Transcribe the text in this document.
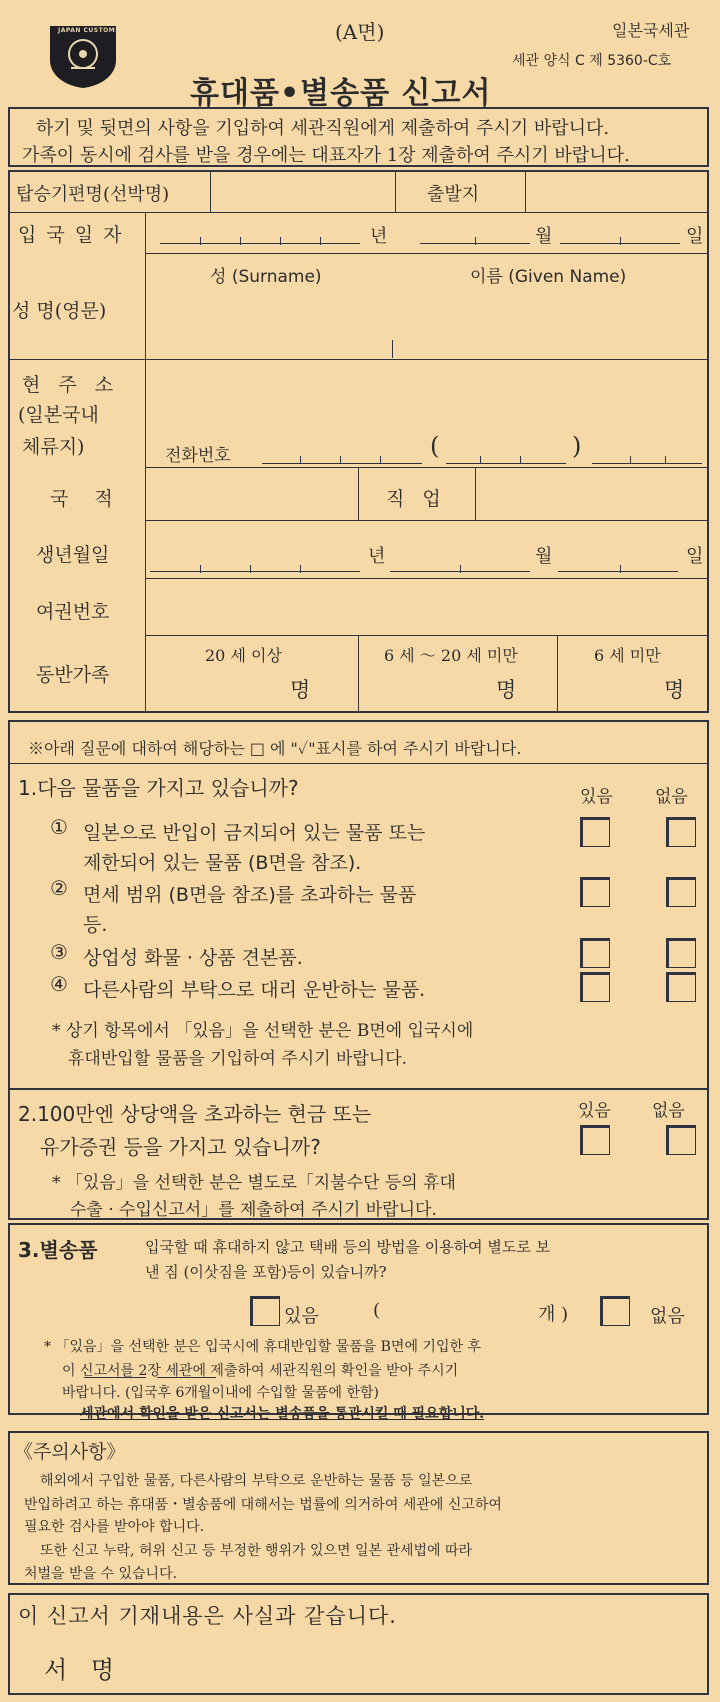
JAPAN CUSTOMS	(A면)	일본국세관
세관 양식 C 제 5360-C호
휴대품•별송품 신고서
하기 및 뒷면의 사항을 기입하여 세관직원에게 제출하여 주시기 바랍니다.
가족이 동시에 검사를 받을 경우에는 대표자가 1장 제출하여 주시기 바랍니다.
탑승기편명(선박명)	출발지
입 국 일 자	년	월	일
성 명(영문)
성 (Surname)	이름 (Given Name)
현 주 소
(일본국내
체류지)	전화번호	(	)
국 적	직 업
생년월일	년	월	일
여권번호
동반가족
20 세 이상	6 세 ～ 20 세 미만	6 세 미만
명	명	명
※아래 질문에 대하여 해당하는 □ 에 "✓"표시를 하여 주시기 바랍니다.
1.다음 물품을 가지고 있습니까?	있음 없음
① 일본으로 반입이 금지되어 있는 물품 또는
제한되어 있는 물품 (B면을 참조).
② 면세 범위 (B면을 참조)를 초과하는 물품
등.
③ 상업성 화물 · 상품 견본품.
④ 다른사람의 부탁으로 대리 운반하는 물품.
* 상기 항목에서 「있음」을 선택한 분은 B면에 입국시에
휴대반입할 물품을 기입하여 주시기 바랍니다.
2.100만엔 상당액을 초과하는 현금 또는
유가증권 등을 가지고 있습니까?
있음 없음
* 「있음」을 선택한 분은 별도로「지불수단 등의 휴대
수출 · 수입신고서」를 제출하여 주시기 바랍니다.
3.별송품	입국할 때 휴대하지 않고 택배 등의 방법을 이용하여 별도로 보
낸 짐 (이삿짐을 포함)등이 있습니까?
있음	(	개 )	없음
* 「있음」을 선택한 분은 입국시에 휴대반입할 물품을 B면에 기입한 후
이 신고서를 2장 세관에 제출하여 세관직원의 확인을 받아 주시기
바랍니다. (입국후 6개월이내에 수입할 물품에 한함)
세관에서 확인을 받은 신고서는 별송품을 통관시킬 때 필요합니다.
《주의사항》
해외에서 구입한 물품, 다른사람의 부탁으로 운반하는 물품 등 일본으로
반입하려고 하는 휴대품・별송품에 대해서는 법률에 의거하여 세관에 신고하여
필요한 검사를 받아야 합니다.
또한 신고 누락, 허위 신고 등 부정한 행위가 있으면 일본 관세법에 따라
처벌을 받을 수 있습니다.
이 신고서 기재내용은 사실과 같습니다.
서 명
